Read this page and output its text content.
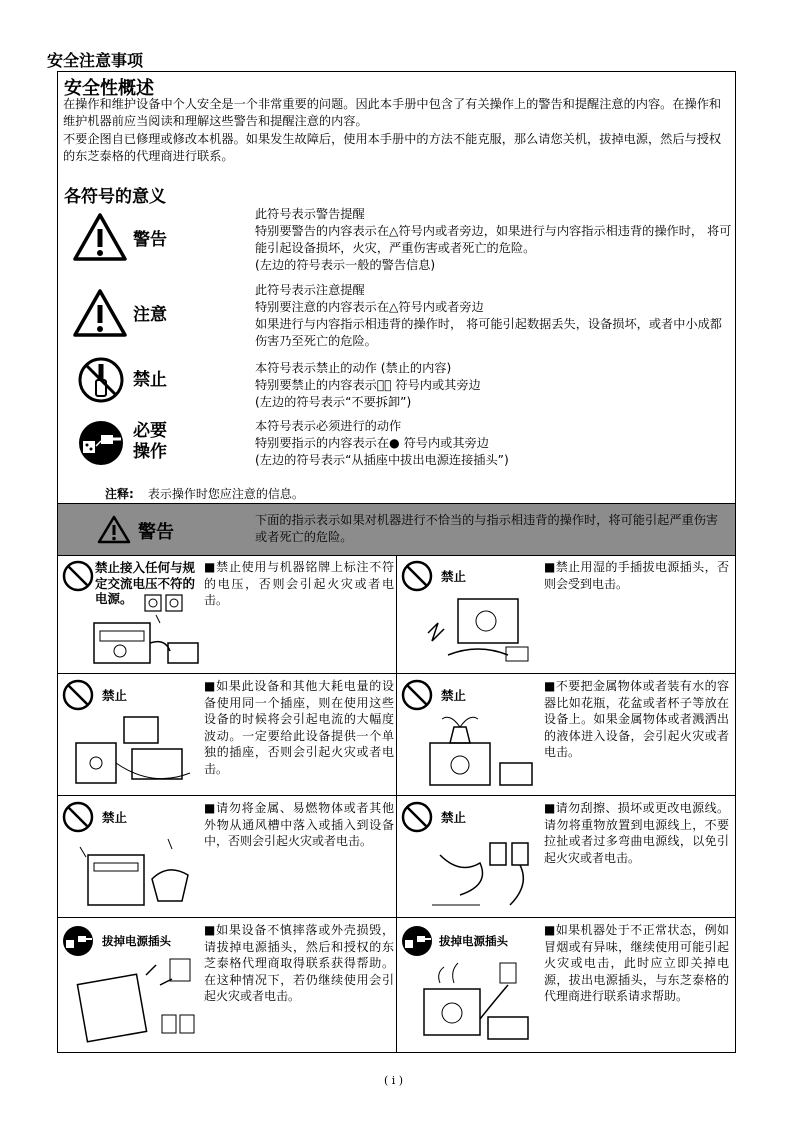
安全注意事项
安全性概述
在操作和维护设备中个人安全是一个非常重要的问题。因此本手册中包含了有关操作上的警告和提醒注意的内容。在操作和维护机器前应当阅读和理解这些警告和提醒注意的内容。
不要企图自已修理或修改本机器。如果发生故障后，使用本手册中的方法不能克服，那么请您关机，拔掉电源，然后与授权的东芝泰格的代理商进行联系。
各符号的意义
警告
此符号表示警告提醒
特别要警告的内容表示在△符号内或者旁边，如果进行与内容指示相违背的操作时， 将可能引起设备损坏，火灾，严重伤害或者死亡的危险。
(左边的符号表示一般的警告信息)
注意
此符号表示注意提醒
特别要注意的内容表示在△符号内或者旁边
如果进行与内容指示相违背的操作时， 将可能引起数据丢失，设备损坏，或者中小成都伤害乃至死亡的危险。
禁止
本符号表示禁止的动作 (禁止的内容)
特别要禁止的内容表示在⃠ 符号内或其旁边
(左边的符号表示“不要拆卸”)
必要
操作
本符号表示必须进行的动作
特别要指示的内容表示在● 符号内或其旁边
(左边的符号表示“从插座中拔出电源连接插头”)
注释: 表示操作时您应注意的信息。
警告
下面的指示表示如果对机器进行不恰当的与指示相违背的操作时，将可能引起严重伤害或者死亡的危险。
禁止接入任何与规定交流电压不符的电源。
■禁止使用与机器铭牌上标注不符的电压，否则会引起火灾或者电击。
禁止
■禁止用湿的手插拔电源插头，否则会受到电击。
禁止
■如果此设备和其他大耗电量的设备使用同一个插座，则在使用这些设备的时候将会引起电流的大幅度波动。一定要给此设备提供一个单独的插座，否则会引起火灾或者电击。
禁止
■不要把金属物体或者装有水的容器比如花瓶，花盆或者杯子等放在设备上。如果金属物体或者溅洒出的液体进入设备，会引起火灾或者电击。
禁止
■请勿将金属、易燃物体或者其他外物从通风槽中落入或插入到设备中，否则会引起火灾或者电击。
禁止
■请勿刮擦、损坏或更改电源线。请勿将重物放置到电源线上，不要拉扯或者过多弯曲电源线，以免引起火灾或者电击。
拔掉电源插头
■如果设备不慎摔落或外壳损毁，请拔掉电源插头，然后和授权的东芝泰格代理商取得联系获得帮助。在这种情况下，若仍继续使用会引起火灾或者电击。
拔掉电源插头
■如果机器处于不正常状态，例如冒烟或有异味，继续使用可能引起火灾或电击，此时应立即关掉电源，拔出电源插头，与东芝泰格的代理商进行联系请求帮助。
( i )
